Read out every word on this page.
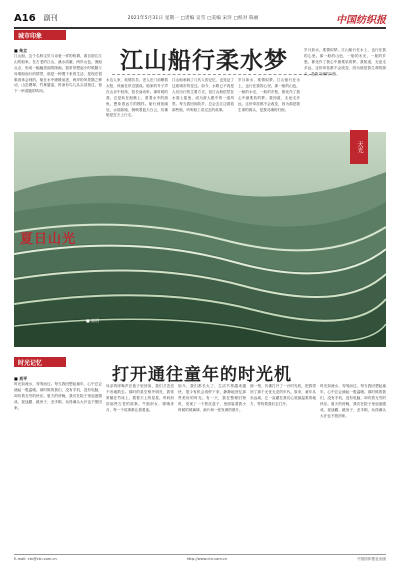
A16 副刊	2021年5月31日 星期一 □责编 吴雪 □美编 宋洋 □校对 陈丽	中国纺织报
城市印象
江山船行柔水梦
■ 朱立
江山船，这个名称宝贝与诗意一样的称谓，源自浙江江山的船家。在古老的江山，溪水清澈，两岸山色，渔船点点，形成一幅幅美丽的图画。我常常想起小时候随父母乘船而行的情景，那是一种慢下来的生活，是现在很难再体会到的。船在水中缓缓前进，两岸的风景随之移动，山峦叠翠，竹林婆娑，时而有鸟儿从头顶掠过，留下一串清脆的鸣叫。
水边人家，炊烟袅袅，老人在门前晒着太阳，孩童在岸边嬉戏。船家的号子声在山谷中回荡，悠长而动听。那时候的我，总是趴在船舷上，看着水中的游鱼，想象着远方的模样。船行到宽阔处，水面如镜，倒映着蓝天白云，仿佛船是在天上行走。
江山船承载了几代人的记忆，也见证了这座城市的变迁。如今，水路已不再是人们出行的主要方式，但江山船依然在水面上摇曳，成为游人眼中的一道风景。每当我回到故乡，总会去江边看看那些船，听听船工讲过去的故事。
岁月如水，柔情似梦。江山船行在水上，也行在我的心里。那一船的山色，一船的水光，一船的乡愁，都化作了我心中最柔软的梦。我知道，无论走多远，这份牵挂都不会改变，因为那是我生命的源头，是我灵魂的归宿。
岁月如水，柔情似梦。江山船行在水上，也行在我的心里。那一船的山色，一船的水光，一船的乡愁，都化作了我心中最柔软的梦。我知道，无论走多远，这份牵挂都不会改变，因为那是我生命的源头，是我灵魂的归宿。
天光
夏日山光
■ 高明
时光记忆
打开通往童年的时光机
■ 肖平
时光如流水，匆匆而过。每当我回想起童年，心中总会涌起一股温暖。那时候的我们，没有手机，没有电脑，却有着无穷的快乐。夏天的傍晚，我们在院子里追逐嬉戏，捉迷藏、跳房子、丢手绢，玩得满头大汗也不愿回家。
母亲的呼唤声在巷子里回荡，我们才恋恋不舍地散去。那时的星空格外明亮，我常常躺在竹床上，数着天上的星星，听奶奶讲那些古老的故事。牛郎织女、嫦娥奔月，每一个故事都让我着迷。
如今，我们都长大了，生活节奏越来越快，很少有机会再停下来，静静地回忆那些美好的时光。有一天，我在整理旧物时，发现了一个铁皮盒子，里面装着我小时候的玻璃球、画片和一张发黄的照片。
那一刻，仿佛打开了一台时光机，把我带回了那个无忧无虑的年代。原来，童年从未远离，它一直藏在我们心底最温柔的地方，等待着我们去打开。
时光如流水，匆匆而过。每当我回想起童年，心中总会涌起一股温暖。那时候的我们，没有手机，没有电脑，却有着无穷的快乐。夏天的傍晚，我们在院子里追逐嬉戏，捉迷藏、跳房子、丢手绢，玩得满头大汗也不愿回家。
E-mail: ctn@ctn.com.cn	http://www.ctn.com.cn	中国纺织报社出版
